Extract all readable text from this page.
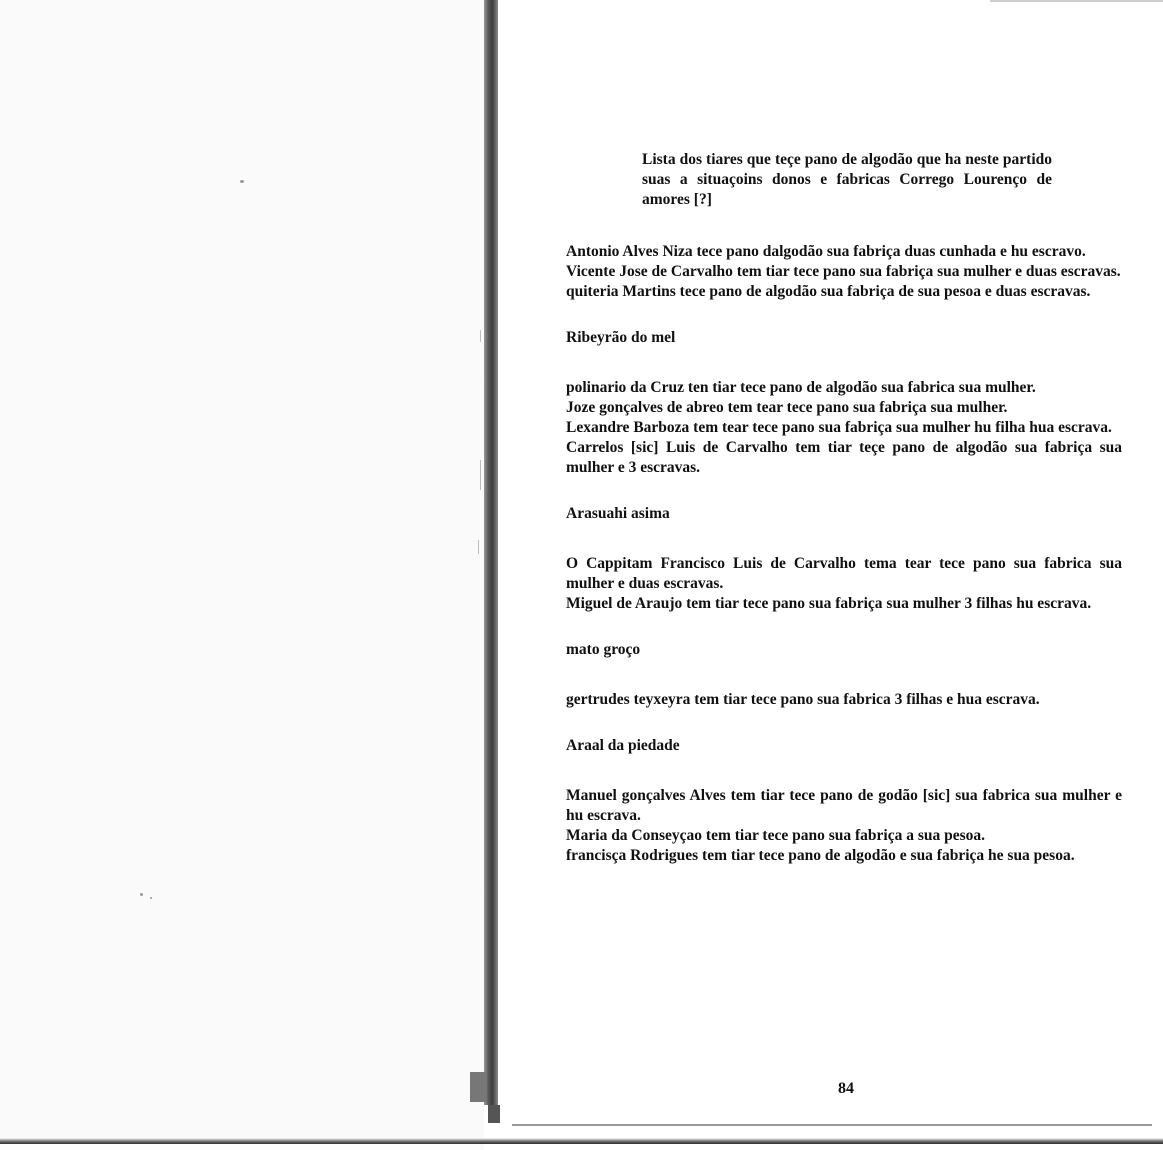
Lista dos tiares que teçe pano de algodão que ha neste partido suas a situaçoins donos e fabricas Corrego Lourenço de amores [?]

Antonio Alves Niza tece pano dalgodão sua fabriça duas cunhada e hu escravo.

Vicente Jose de Carvalho tem tiar tece pano sua fabriça sua mulher e duas escravas.

quiteria Martins tece pano de algodão sua fabriça de sua pesoa e duas escravas.

Ribeyrão do mel

polinario da Cruz ten tiar tece pano de algodão sua fabrica sua mulher.

Joze gonçalves de abreo tem tear tece pano sua fabriça sua mulher.

Lexandre Barboza tem tear tece pano sua fabriça sua mulher hu filha hua escrava.

Carrelos [sic] Luis de Carvalho tem tiar teçe pano de algodão sua fabriça sua mulher e 3 escravas.

Arasuahi asima

O Cappitam Francisco Luis de Carvalho tema tear tece pano sua fabrica sua mulher e duas escravas.

Miguel de Araujo tem tiar tece pano sua fabriça sua mulher 3 filhas hu escrava.

mato groço

gertrudes teyxeyra tem tiar tece pano sua fabrica 3 filhas e hua escrava.

Araal da piedade

Manuel gonçalves Alves tem tiar tece pano de godão [sic] sua fabrica sua mulher e hu escrava.

Maria da Conseyçao tem tiar tece pano sua fabriça a sua pesoa.

francisça Rodrigues tem tiar tece pano de algodão e sua fabriça he sua pesoa.

84
